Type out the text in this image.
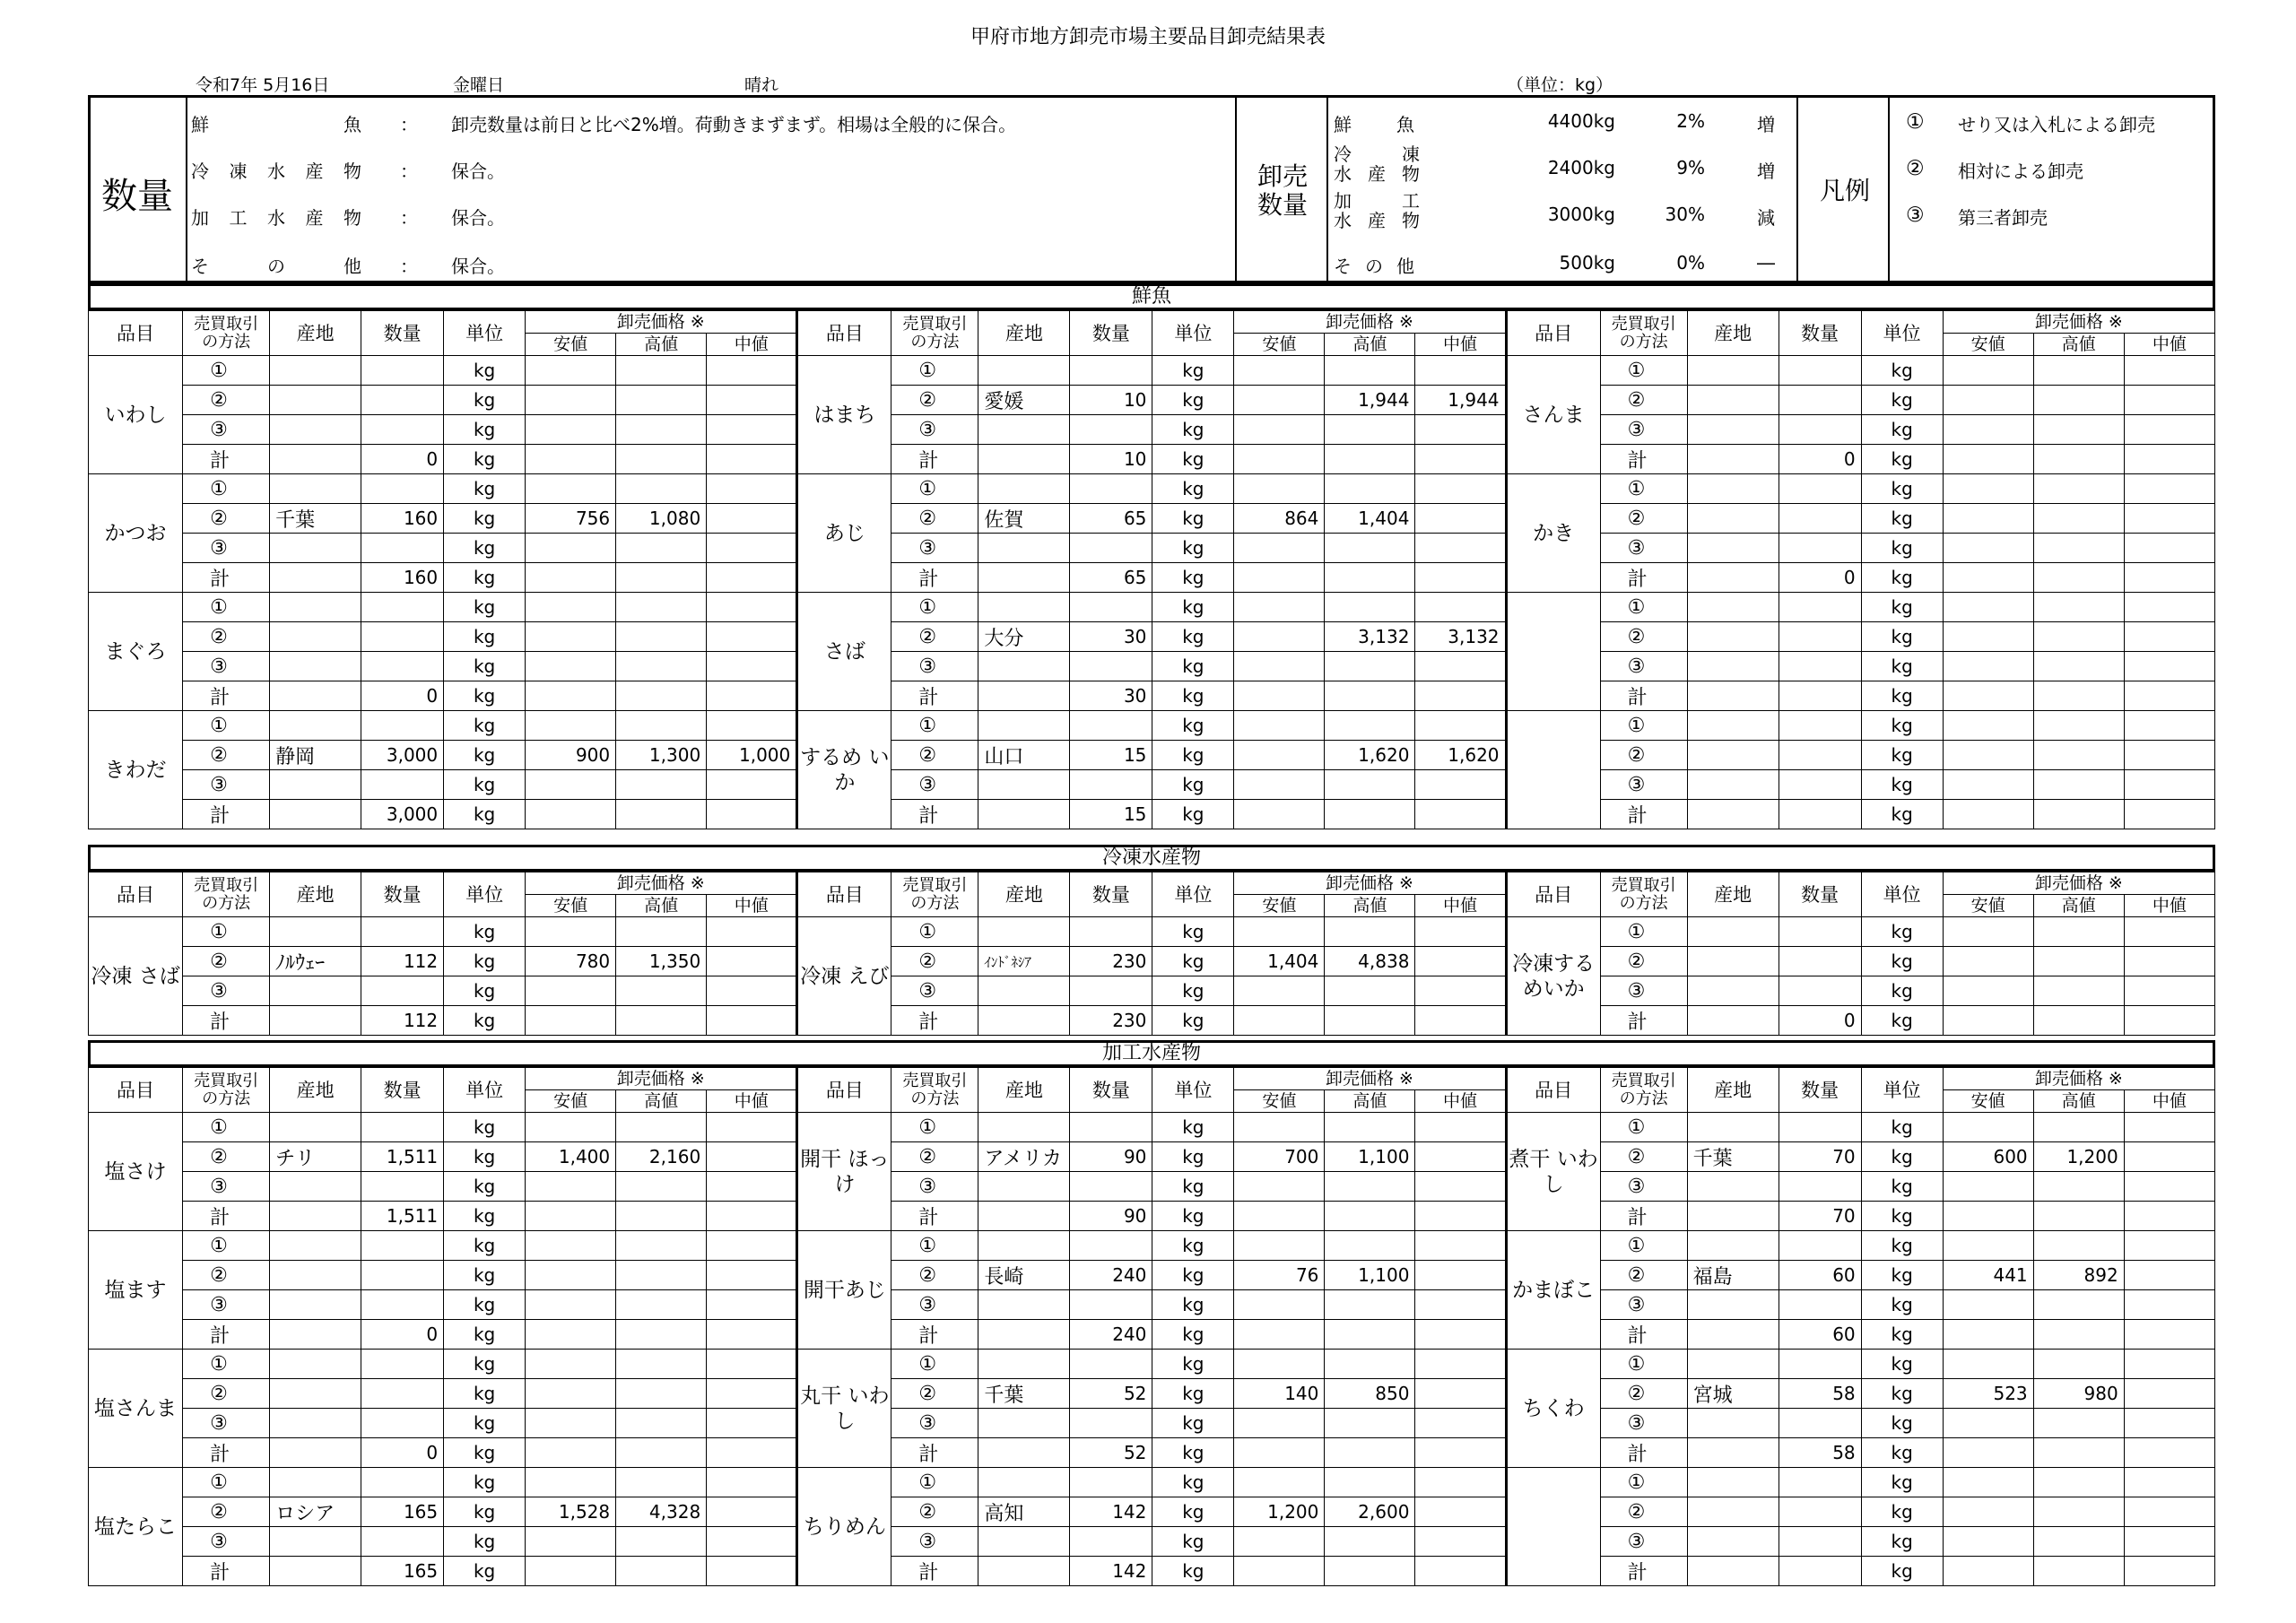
甲府市地方卸売市場主要品目卸売結果表
令和7年 5月16日	金曜日	晴れ	（単位：kg）
数量
鮮魚 ： 卸売数量は前日と比べ2%増。荷動きまずまず。相場は全般的に保合。
冷凍水産物 ： 保合。
加工水産物 ： 保合。
その他 ： 保合。
卸売
数量
鮮魚	4400kg	2%	増
冷凍
水産物	2400kg	9%	増
加工
水産物	3000kg	30%	減
その他	500kg	0%	―
凡例
① せり又は入札による卸売
② 相対による卸売
③ 第三者卸売
鮮魚
品目	売買取引
の方法	産地	数量	単位	卸売価格 ※			品目	売買取引
の方法	産地	数量	単位	卸売価格 ※			品目	売買取引
の方法	産地	数量	単位	卸売価格 ※		
					安値	高値	中値						安値	高値	中値						安値	高値	中値
いわし	①			kg				はまち	①			kg				さんま	①			kg			
	②			kg					②	愛媛	10	kg		1,944	1,944		②			kg			
	③			kg					③			kg					③			kg			
	計		0	kg					計		10	kg					計		0	kg			
かつお	①			kg				あじ	①			kg				かき	①			kg			
	②	千葉	160	kg	756	1,080			②	佐賀	65	kg	864	1,404			②			kg			
	③			kg					③			kg					③			kg			
	計		160	kg					計		65	kg					計		0	kg			
まぐろ	①			kg				さば	①			kg					①			kg			
	②			kg					②	大分	30	kg		3,132	3,132		②			kg			
	③			kg					③			kg					③			kg			
	計		0	kg					計		30	kg					計			kg			
きわだ	①			kg				するめ いか	①			kg					①			kg			
	②	静岡	3,000	kg	900	1,300	1,000		②	山口	15	kg		1,620	1,620		②			kg			
	③			kg					③			kg					③			kg			
	計		3,000	kg					計		15	kg					計			kg			
冷凍水産物
品目	売買取引
の方法	産地	数量	単位	卸売価格 ※			品目	売買取引
の方法	産地	数量	単位	卸売価格 ※			品目	売買取引
の方法	産地	数量	単位	卸売価格 ※		
					安値	高値	中値						安値	高値	中値						安値	高値	中値
冷凍 さば	①			kg				冷凍 えび	①			kg				冷凍する めいか	①			kg			
	②	ﾉﾙｳｪｰ	112	kg	780	1,350			②	ｲﾝﾄﾞﾈｼｱ	230	kg	1,404	4,838			②			kg			
	③			kg					③			kg					③			kg			
	計		112	kg					計		230	kg					計		0	kg			
加工水産物
品目	売買取引
の方法	産地	数量	単位	卸売価格 ※			品目	売買取引
の方法	産地	数量	単位	卸売価格 ※			品目	売買取引
の方法	産地	数量	単位	卸売価格 ※		
					安値	高値	中値						安値	高値	中値						安値	高値	中値
塩さけ	①			kg				開干 ほっけ	①			kg				煮干 いわし	①			kg			
	②	チリ	1,511	kg	1,400	2,160			②	アメリカ	90	kg	700	1,100			②	千葉	70	kg	600	1,200	
	③			kg					③			kg					③			kg			
	計		1,511	kg					計		90	kg					計		70	kg			
塩ます	①			kg				開干あじ	①			kg				かまぼこ	①			kg			
	②			kg					②	長崎	240	kg	76	1,100			②	福島	60	kg	441	892	
	③			kg					③			kg					③			kg			
	計		0	kg					計		240	kg					計		60	kg			
塩さんま	①			kg				丸干 いわし	①			kg				ちくわ	①			kg			
	②			kg					②	千葉	52	kg	140	850			②	宮城	58	kg	523	980	
	③			kg					③			kg					③			kg			
	計		0	kg					計		52	kg					計		58	kg			
塩たらこ	①			kg				ちりめん	①			kg					①			kg			
	②	ロシア	165	kg	1,528	4,328			②	高知	142	kg	1,200	2,600			②			kg			
	③			kg					③			kg					③			kg			
	計		165	kg					計		142	kg					計			kg			
